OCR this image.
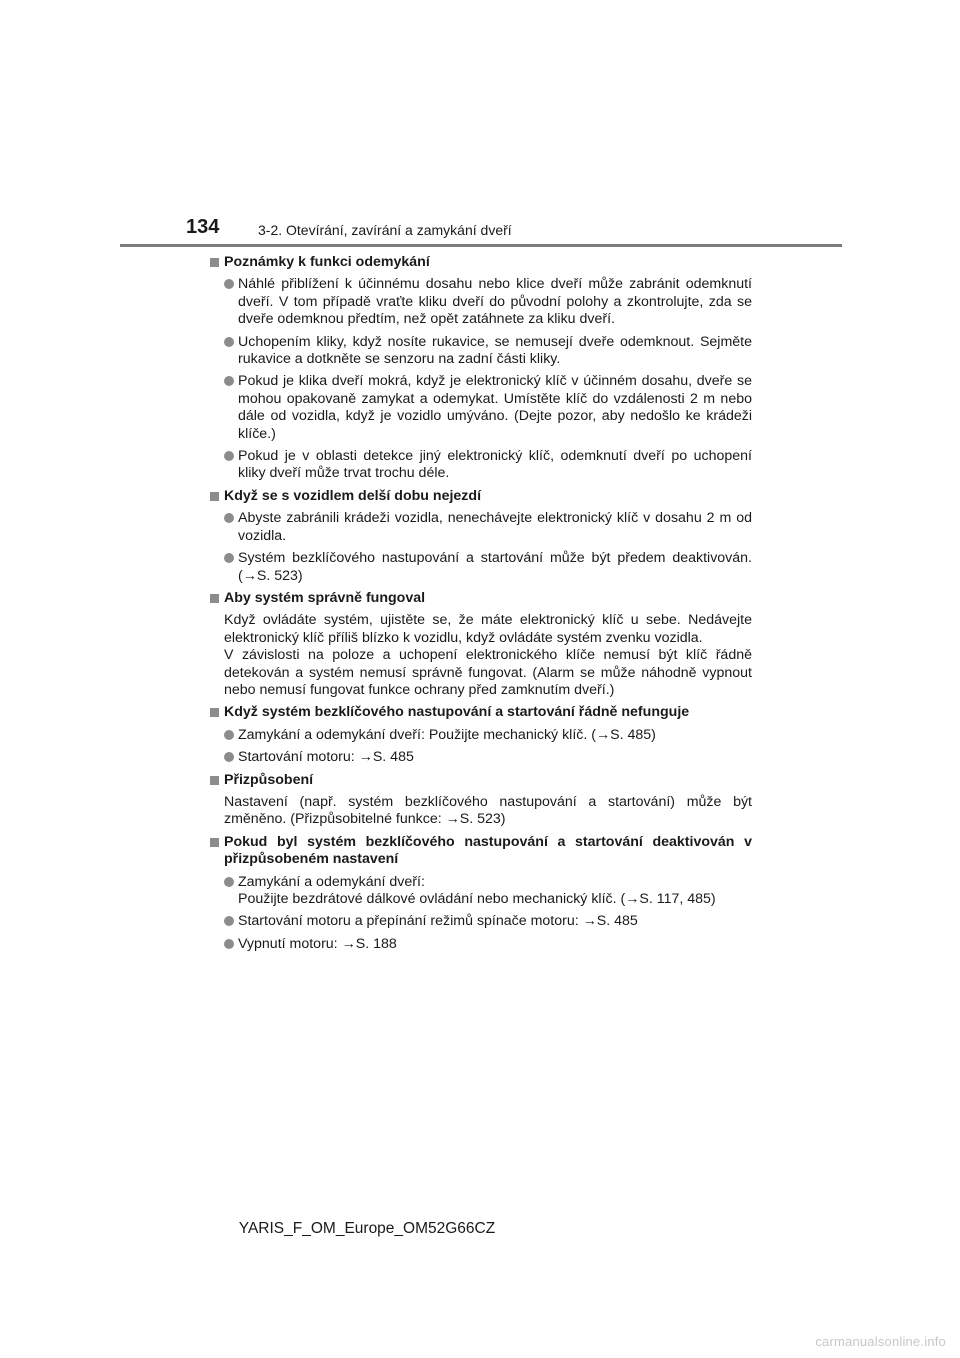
134	3-2. Otevírání, zavírání a zamykání dveří
Poznámky k funkci odemykání
Náhlé přiblížení k účinnému dosahu nebo klice dveří může zabránit odemknutí dveří. V tom případě vraťte kliku dveří do původní polohy a zkontrolujte, zda se dveře odemknou předtím, než opět zatáhnete za kliku dveří.
Uchopením kliky, když nosíte rukavice, se nemusejí dveře odemknout. Sejměte rukavice a dotkněte se senzoru na zadní části kliky.
Pokud je klika dveří mokrá, když je elektronický klíč v účinném dosahu, dveře se mohou opakovaně zamykat a odemykat. Umístěte klíč do vzdálenosti 2 m nebo dále od vozidla, když je vozidlo umýváno. (Dejte pozor, aby nedošlo ke krádeži klíče.)
Pokud je v oblasti detekce jiný elektronický klíč, odemknutí dveří po uchopení kliky dveří může trvat trochu déle.
Když se s vozidlem delší dobu nejezdí
Abyste zabránili krádeži vozidla, nenechávejte elektronický klíč v dosahu 2 m od vozidla.
Systém bezklíčového nastupování a startování může být předem deaktivován. (→S. 523)
Aby systém správně fungoval
Když ovládáte systém, ujistěte se, že máte elektronický klíč u sebe. Nedávejte elektronický klíč příliš blízko k vozidlu, když ovládáte systém zvenku vozidla.
V závislosti na poloze a uchopení elektronického klíče nemusí být klíč řádně detekován a systém nemusí správně fungovat. (Alarm se může náhodně vypnout nebo nemusí fungovat funkce ochrany před zamknutím dveří.)
Když systém bezklíčového nastupování a startování řádně nefunguje
Zamykání a odemykání dveří: Použijte mechanický klíč. (→S. 485)
Startování motoru: →S. 485
Přizpůsobení
Nastavení (např. systém bezklíčového nastupování a startování) může být změněno. (Přizpůsobitelné funkce: →S. 523)
Pokud byl systém bezklíčového nastupování a startování deaktivován v přizpůsobeném nastavení
Zamykání a odemykání dveří:
Použijte bezdrátové dálkové ovládání nebo mechanický klíč. (→S. 117, 485)
Startování motoru a přepínání režimů spínače motoru: →S. 485
Vypnutí motoru: →S. 188
YARIS_F_OM_Europe_OM52G66CZ
carmanualsonline.info
